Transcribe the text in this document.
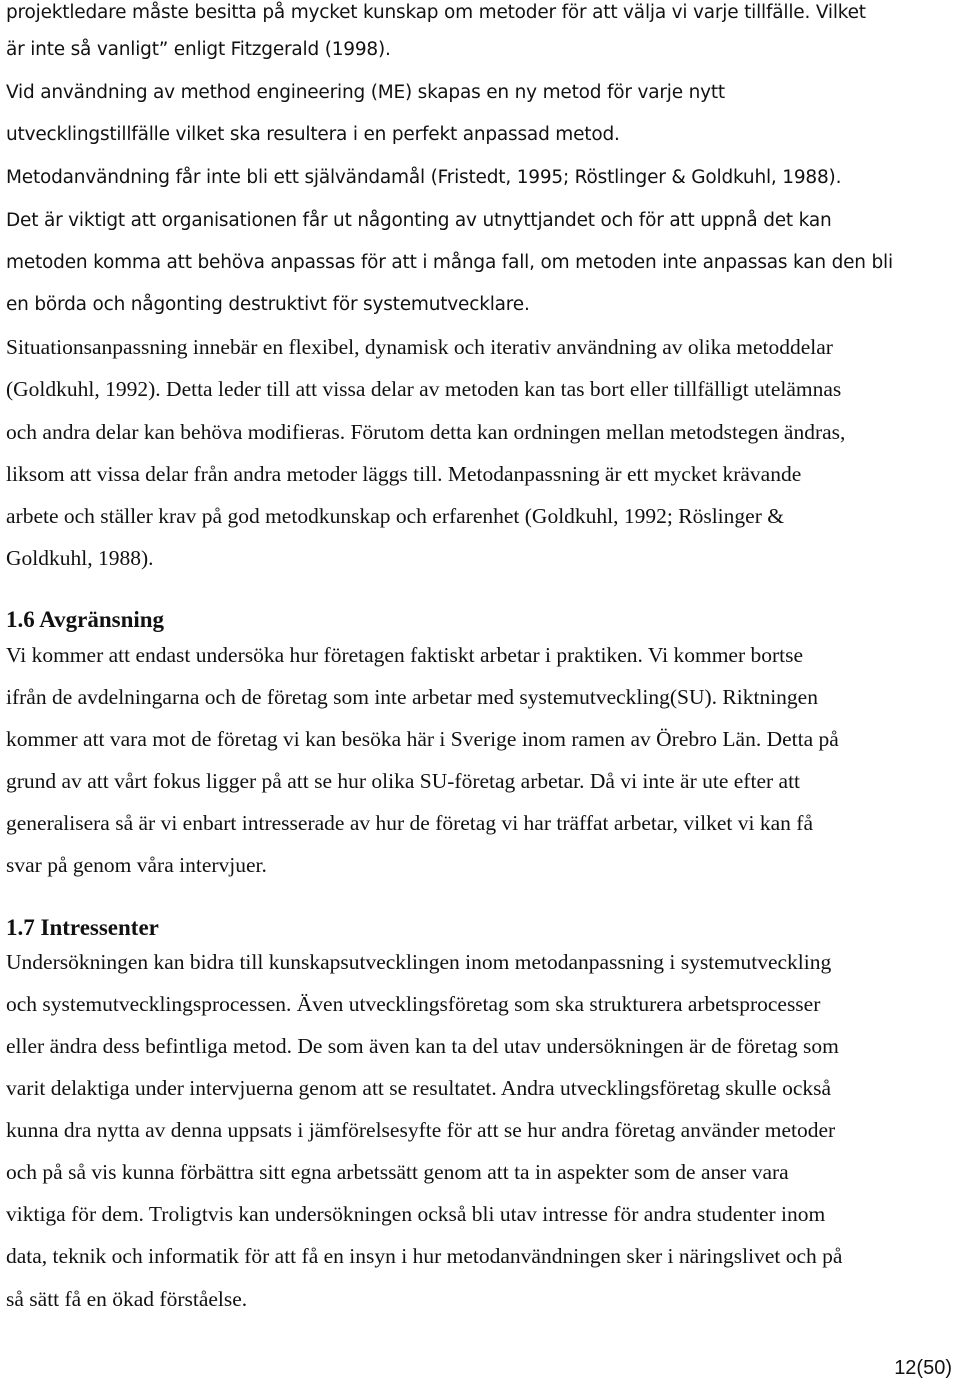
projektledare måste besitta på mycket kunskap om metoder för att välja vi varje tillfälle. Vilket
är inte så vanligt” enligt Fitzgerald (1998).
Vid användning av method engineering (ME) skapas en ny metod för varje nytt
utvecklingstillfälle vilket ska resultera i en perfekt anpassad metod.
Metodanvändning får inte bli ett självändamål (Fristedt, 1995; Röstlinger & Goldkuhl, 1988).
Det är viktigt att organisationen får ut någonting av utnyttjandet och för att uppnå det kan
metoden komma att behöva anpassas för att i många fall, om metoden inte anpassas kan den bli
en börda och någonting destruktivt för systemutvecklare.
Situationsanpassning innebär en flexibel, dynamisk och iterativ användning av olika metoddelar
(Goldkuhl, 1992). Detta leder till att vissa delar av metoden kan tas bort eller tillfälligt utelämnas
och andra delar kan behöva modifieras. Förutom detta kan ordningen mellan metodstegen ändras,
liksom att vissa delar från andra metoder läggs till. Metodanpassning är ett mycket krävande
arbete och ställer krav på god metodkunskap och erfarenhet (Goldkuhl, 1992; Röslinger &
Goldkuhl, 1988).
1.6 Avgränsning
Vi kommer att endast undersöka hur företagen faktiskt arbetar i praktiken. Vi kommer bortse
ifrån de avdelningarna och de företag som inte arbetar med systemutveckling(SU). Riktningen
kommer att vara mot de företag vi kan besöka här i Sverige inom ramen av Örebro Län. Detta på
grund av att vårt fokus ligger på att se hur olika SU-företag arbetar. Då vi inte är ute efter att
generalisera så är vi enbart intresserade av hur de företag vi har träffat arbetar, vilket vi kan få
svar på genom våra intervjuer.
1.7 Intressenter
Undersökningen kan bidra till kunskapsutvecklingen inom metodanpassning i systemutveckling
och systemutvecklingsprocessen. Även utvecklingsföretag som ska strukturera arbetsprocesser
eller ändra dess befintliga metod. De som även kan ta del utav undersökningen är de företag som
varit delaktiga under intervjuerna genom att se resultatet. Andra utvecklingsföretag skulle också
kunna dra nytta av denna uppsats i jämförelsesyfte för att se hur andra företag använder metoder
och på så vis kunna förbättra sitt egna arbetssätt genom att ta in aspekter som de anser vara
viktiga för dem. Troligtvis kan undersökningen också bli utav intresse för andra studenter inom
data, teknik och informatik för att få en insyn i hur metodanvändningen sker i näringslivet och på
så sätt få en ökad förståelse.
12(50)
